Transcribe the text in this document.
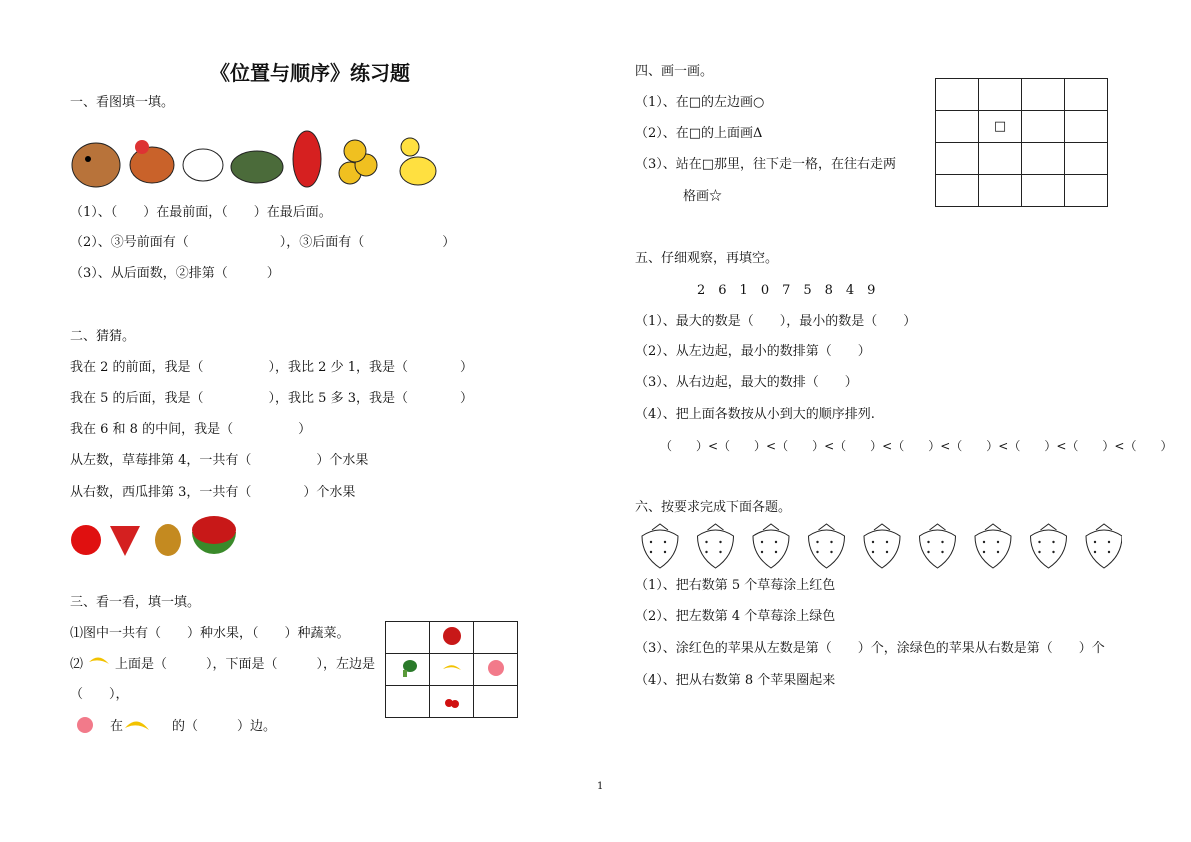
《位置与顺序》练习题
一、看图填一填。
（1）、（　　）在最前面，（　　）在最后面。
（2）、③号前面有（　　　　　　　），③后面有（　　　　　　）
（3）、从后面数，②排第（　　　）
二、猜猜。
我在 2 的前面，我是（　　　　　），我比 2 少 1，我是（　　　　）
我在 5 的后面，我是（　　　　　），我比 5 多 3，我是（　　　　）
我在 6 和 8 的中间，我是（　　　　　）
从左数，草莓排第 4，一共有（　　　　　）个水果
从右数，西瓜排第 3，一共有（　　　　）个水果
三、看一看，填一填。
⑴图中一共有（　　）种水果，（　　）种蔬菜。
⑵ 上面是（　　　），下面是（　　　），左边是
（　　），
在	的（　　　）边。

四、画一画。
（1）、在□的左边画○
（2）、在□的上面画Δ
（3）、站在□那里，往下走一格，在往右走两
格画☆

	□		

五、仔细观察，再填空。
2　6　1　0　7　5　8　4　9
（1）、最大的数是（　　），最小的数是（　　）
（2）、从左边起，最小的数排第（　　）
（3）、从右边起，最大的数排（　　）
（4）、把上面各数按从小到大的顺序排列.
（　　）<（　　）<（　　）<（　　）<（　　）<（　　）<（　　）<（　　）<（　　）
六、按要求完成下面各题。
（1）、把右数第 5 个草莓涂上红色
（2）、把左数第 4 个草莓涂上绿色
（3）、涂红色的苹果从左数是第（　　）个，涂绿色的苹果从右数是第（　　）个
（4）、把从右数第 8 个苹果圈起来
1
